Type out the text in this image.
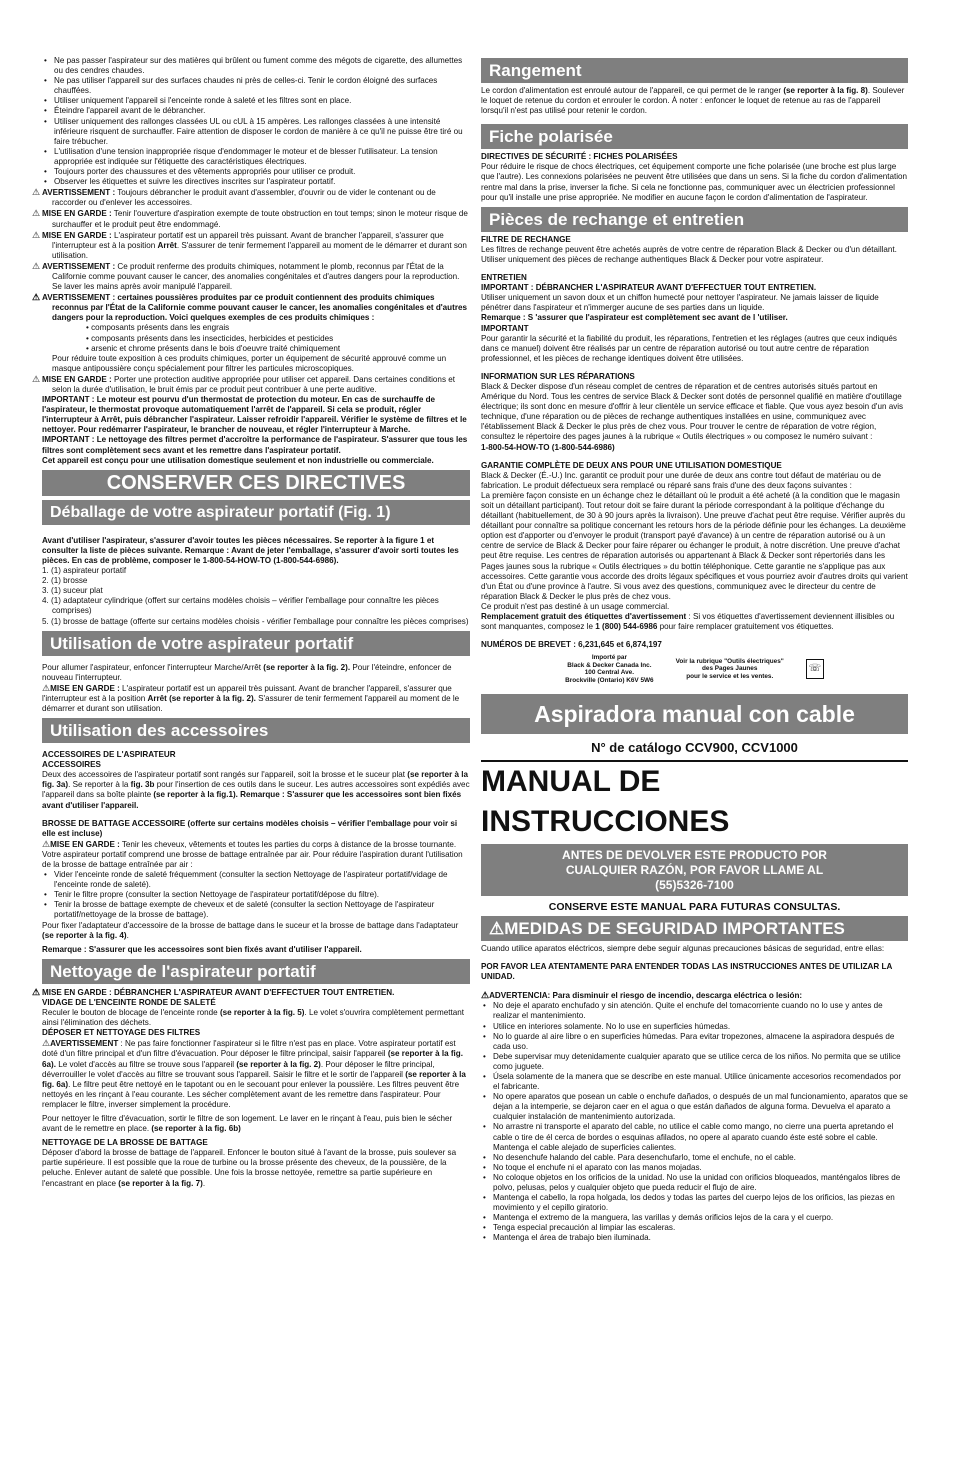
• Ne pas passer l'aspirateur sur des matières qui brûlent ou fument comme des mégots de cigarette, des allumettes ou des cendres chaudes.
• Ne pas utiliser l'appareil sur des surfaces chaudes ni près de celles-ci. Tenir le cordon éloigné des surfaces chauffées.
• Utiliser uniquement l'appareil si l'enceinte ronde à saleté et les filtres sont en place.
• Éteindre l'appareil avant de le débrancher.
• Utiliser uniquement des rallonges classées UL ou cUL à 15 ampères. Les rallonges classées à une intensité inférieure risquent de surchauffer. Faire attention de disposer le cordon de manière à ce qu'il ne puisse être tiré ou faire trébucher.
• L'utilisation d'une tension inappropriée risque d'endommager le moteur et de blesser l'utilisateur. La tension appropriée est indiquée sur l'étiquette des caractéristiques électriques.
• Toujours porter des chaussures et des vêtements appropriés pour utiliser ce produit.
• Observer les étiquettes et suivre les directives inscrites sur l'aspirateur portatif.

⚠ AVERTISSEMENT : Toujours débrancher le produit avant d'assembler, d'ouvrir ou de vider le contenant ou de raccorder ou d'enlever les accessoires.

⚠ MISE EN GARDE : Tenir l'ouverture d'aspiration exempte de toute obstruction en tout temps; sinon le moteur risque de surchauffer et le produit peut être endommagé.

⚠ MISE EN GARDE : L'aspirateur portatif est un appareil très puissant. Avant de brancher l'appareil, s'assurer que l'interrupteur est à la position Arrêt. S'assurer de tenir fermement l'appareil au moment de le démarrer et durant son utilisation.

⚠ AVERTISSEMENT : Ce produit renferme des produits chimiques, notamment le plomb, reconnus par l'État de la Californie comme pouvant causer le cancer, des anomalies congénitales et d'autres dangers pour la reproduction. Se laver les mains après avoir manipulé l'appareil.

⚠ AVERTISSEMENT : certaines poussières produites par ce produit contiennent des produits chimiques reconnus par l'État de la Californie comme pouvant causer le cancer, les anomalies congénitales et d'autres dangers pour la reproduction. Voici quelques exemples de ces produits chimiques :

• composants présents dans les engrais
• composants présents dans les insecticides, herbicides et pesticides
• arsenic et chrome présents dans le bois d'oeuvre traité chimiquement

Pour réduire toute exposition à ces produits chimiques, porter un équipement de sécurité approuvé comme un masque antipoussière conçu spécialement pour filtrer les particules microscopiques.

⚠ MISE EN GARDE : Porter une protection auditive appropriée pour utiliser cet appareil. Dans certaines conditions et selon la durée d'utilisation, le bruit émis par ce produit peut contribuer à une perte auditive.

IMPORTANT : Le moteur est pourvu d'un thermostat de protection du moteur. En cas de surchauffe de l'aspirateur, le thermostat provoque automatiquement l'arrêt de l'appareil. Si cela se produit, régler l'interrupteur à Arrêt, puis débrancher l'aspirateur. Laisser refroidir l'appareil. Vérifier le système de filtres et le nettoyer. Pour redémarrer l'aspirateur, le brancher de nouveau, et régler l'interrupteur à Marche.

IMPORTANT : Le nettoyage des filtres permet d'accroître la performance de l'aspirateur. S'assurer que tous les filtres sont complètement secs avant et les remettre dans l'aspirateur portatif.

Cet appareil est conçu pour une utilisation domestique seulement et non industrielle ou commerciale.

CONSERVER CES DIRECTIVES
Déballage de votre aspirateur portatif (Fig. 1)

Avant d'utiliser l'aspirateur, s'assurer d'avoir toutes les pièces nécessaires. Se reporter à la figure 1 et consulter la liste de pièces suivante. Remarque : Avant de jeter l'emballage, s'assurer d'avoir sorti toutes les pièces. En cas de problème, composer le 1-800-54-HOW-TO (1-800-544-6986).

1. (1) aspirateur portatif
2. (1) brosse
3. (1) suceur plat
4. (1) adaptateur cylindrique (offert sur certains modèles choisis – vérifier l'emballage pour connaître les pièces comprises)
5. (1) brosse de battage (offerte sur certains modèles choisis - vérifier l'emballage pour connaître les pièces comprises)
Utilisation de votre aspirateur portatif

Pour allumer l'aspirateur, enfoncer l'interrupteur Marche/Arrêt (se reporter à la fig. 2). Pour l'éteindre, enfoncer de nouveau l'interrupteur.

⚠MISE EN GARDE : L'aspirateur portatif est un appareil très puissant. Avant de brancher l'appareil, s'assurer que l'interrupteur est à la position Arrêt (se reporter à la fig. 2). S'assurer de tenir fermement l'appareil au moment de le démarrer et durant son utilisation.

Utilisation des accessoires

ACCESSOIRES DE L'ASPIRATEUR

ACCESSOIRES

Deux des accessoires de l'aspirateur portatif sont rangés sur l'appareil, soit la brosse et le suceur plat (se reporter à la fig. 3a). Se reporter à la fig. 3b pour l'insertion de ces outils dans le suceur. Les autres accessoires sont expédiés avec l'appareil dans sa boîte plainte (se reporter à la fig.1). Remarque : S'assurer que les accessoires sont bien fixés avant d'utiliser l'appareil.

BROSSE DE BATTAGE ACCESSOIRE (offerte sur certains modèles choisis – vérifier l'emballage pour voir si elle est incluse)

⚠MISE EN GARDE : Tenir les cheveux, vêtements et toutes les parties du corps à distance de la brosse tournante.

Votre aspirateur portatif comprend une brosse de battage entraînée par air. Pour réduire l'aspiration durant l'utilisation de la brosse de battage entraînée par air :

• Vider l'enceinte ronde de saleté fréquemment (consulter la section Nettoyage de l'aspirateur portatif/vidage de l'enceinte ronde de saleté).
• Tenir le filtre propre (consulter la section Nettoyage de l'aspirateur portatif/dépose du filtre).
• Tenir la brosse de battage exempte de cheveux et de saleté (consulter la section Nettoyage de l'aspirateur portatif/nettoyage de la brosse de battage).

Pour fixer l'adaptateur d'accessoire de la brosse de battage dans le suceur et la brosse de battage dans l'adaptateur (se reporter à la fig. 4).

Remarque : S'assurer que les accessoires sont bien fixés avant d'utiliser l'appareil.

Nettoyage de l'aspirateur portatif

⚠ MISE EN GARDE : DÉBRANCHER L'ASPIRATEUR AVANT D'EFFECTUER TOUT ENTRETIEN.

VIDAGE DE L'ENCEINTE RONDE DE SALETÉ

Reculer le bouton de blocage de l'enceinte ronde (se reporter à la fig. 5). Le volet s'ouvrira complètement permettant ainsi l'élimination des déchets.

DÉPOSER ET NETTOYAGE DES FILTRES

⚠AVERTISSEMENT : Ne pas faire fonctionner l'aspirateur si le filtre n'est pas en place. Votre aspirateur portatif est doté d'un filtre principal et d'un filtre d'évacuation. Pour déposer le filtre principal, saisir l'appareil (se reporter à la fig. 6a). Le volet d'accès au filtre se trouve sous l'appareil (se reporter à la fig. 2). Pour déposer le filtre principal, déverrouiller le volet d'accès au filtre se trouvant sous l'appareil. Saisir le filtre et le sortir de l'appareil (se reporter à la fig. 6a). Le filtre peut être nettoyé en le tapotant ou en le secouant pour enlever la poussière. Les filtres peuvent être nettoyés en les rinçant à l'eau courante. Les sécher complètement avant de les remettre dans l'aspirateur. Pour remplacer le filtre, inverser simplement la procédure.

Pour nettoyer le filtre d'évacuation, sortir le filtre de son logement. Le laver en le rinçant à l'eau, puis bien le sécher avant de le remettre en place. (se reporter à la fig. 6b)

NETTOYAGE DE LA BROSSE DE BATTAGE

Déposer d'abord la brosse de battage de l'appareil. Enfoncer le bouton situé à l'avant de la brosse, puis soulever sa partie supérieure. Il est possible que la roue de turbine ou la brosse présente des cheveux, de la poussière, de la peluche. Enlever autant de saleté que possible. Une fois la brosse nettoyée, remettre sa partie supérieure en l'encastrant en place (se reporter à la fig. 7).

Rangement

Le cordon d'alimentation est enroulé autour de l'appareil, ce qui permet de le ranger (se reporter à la fig. 8). Soulever le loquet de retenue du cordon et enrouler le cordon. À noter : enfoncer le loquet de retenue au ras de l'appareil lorsqu'il n'est pas utilisé pour retenir le cordon.

Fiche polarisée

DIRECTIVES DE SÉCURITÉ : FICHES POLARISÉES

Pour réduire le risque de chocs électriques, cet équipement comporte une fiche polarisée (une broche est plus large que l'autre). Les connexions polarisées ne peuvent être utilisées que dans un sens. Si la fiche du cordon d'alimentation rentre mal dans la prise, inverser la fiche. Si cela ne fonctionne pas, communiquer avec un électricien professionnel pour qu'il installe une prise appropriée. Ne modifier en aucune façon le cordon d'alimentation de l'aspirateur.

Pièces de rechange et entretien

FILTRE DE RECHANGE

Les filtres de rechange peuvent être achetés auprès de votre centre de réparation Black & Decker ou d'un détaillant. Utiliser uniquement des pièces de rechange authentiques Black & Decker pour votre aspirateur.

ENTRETIEN

IMPORTANT : DÉBRANCHER L'ASPIRATEUR AVANT D'EFFECTUER TOUT ENTRETIEN.

Utiliser uniquement un savon doux et un chiffon humecté pour nettoyer l'aspirateur. Ne jamais laisser de liquide pénétrer dans l'aspirateur et n'immerger aucune de ses parties dans un liquide.

Remarque : S 'assurer que l'aspirateur est complètement sec avant de l 'utiliser.

IMPORTANT

Pour garantir la sécurité et la fiabilité du produit, les réparations, l'entretien et les réglages (autres que ceux indiqués dans ce manuel) doivent être réalisés par un centre de réparation autorisé ou tout autre centre de réparation professionnel, et les pièces de rechange identiques doivent être utilisées.

INFORMATION SUR LES RÉPARATIONS

Black & Decker dispose d'un réseau complet de centres de réparation et de centres autorisés situés partout en Amérique du Nord. Tous les centres de service Black & Decker sont dotés de personnel qualifié en matière d'outillage électrique; ils sont donc en mesure d'offrir à leur clientèle un service efficace et fiable. Que vous ayez besoin d'un avis technique, d'une réparation ou de pièces de rechange authentiques installées en usine, communiquez avec l'établissement Black & Decker le plus près de chez vous. Pour trouver le centre de réparation de votre région, consultez le répertoire des pages jaunes à la rubrique « Outils électriques » ou composez le numéro suivant :

1-800-54-HOW-TO (1-800-544-6986)

GARANTIE COMPLÈTE DE DEUX ANS POUR UNE UTILISATION DOMESTIQUE

Black & Decker (É.-U.) Inc. garantit ce produit pour une durée de deux ans contre tout défaut de matériau ou de fabrication. Le produit défectueux sera remplacé ou réparé sans frais d'une des deux façons suivantes :

La première façon consiste en un échange chez le détaillant où le produit a été acheté (à la condition que le magasin soit un détaillant participant). Tout retour doit se faire durant la période correspondant à la politique d'échange du détaillant (habituellement, de 30 à 90 jours après la livraison). Une preuve d'achat peut être requise. Vérifier auprès du détaillant pour connaître sa politique concernant les retours hors de la période définie pour les échanges. La deuxième option est d'apporter ou d'envoyer le produit (transport payé d'avance) à un centre de réparation autorisé ou à un centre de service de Black & Decker pour faire réparer ou échanger le produit, à notre discrétion. Une preuve d'achat peut être requise. Les centres de réparation autorisés ou appartenant à Black & Decker sont répertoriés dans les Pages jaunes sous la rubrique « Outils électriques » du bottin téléphonique. Cette garantie ne s'applique pas aux accessoires. Cette garantie vous accorde des droits légaux spécifiques et vous pourriez avoir d'autres droits qui varient d'un État ou d'une province à l'autre. Si vous avez des questions, communiquez avec le directeur du centre de réparation Black & Decker le plus près de chez vous.

Ce produit n'est pas destiné à un usage commercial.

Remplacement gratuit des étiquettes d'avertissement : Si vos étiquettes d'avertissement deviennent illisibles ou sont manquantes, composez le 1 (800) 544-6986 pour faire remplacer gratuitement vos étiquettes.

NUMÉROS DE BREVET : 6,231,645 et 6,874,197

Importé par
Black & Decker Canada Inc.
100 Central Ave.
Brockville (Ontario) K6V 5W6
Voir la rubrique "Outils électriques"
des Pages Jaunes
pour le service et les ventes.
☏
Aspiradora manual con cable
N° de catálogo CCV900, CCV1000
MANUAL DE INSTRUCCIONES
ANTES DE DEVOLVER ESTE PRODUCTO POR
CUALQUIER RAZÓN, POR FAVOR LLAME AL
(55)5326-7100
CONSERVE ESTE MANUAL PARA FUTURAS CONSULTAS.
⚠MEDIDAS DE SEGURIDAD IMPORTANTES

Cuando utilice aparatos eléctricos, siempre debe seguir algunas precauciones básicas de seguridad, entre ellas:

POR FAVOR LEA ATENTAMENTE PARA ENTENDER TODAS LAS INSTRUCCIONES ANTES DE UTILIZAR LA UNIDAD.

⚠ADVERTENCIA: Para disminuir el riesgo de incendio, descarga eléctrica o lesión:

• No deje el aparato enchufado y sin atención. Quite el enchufe del tomacorriente cuando no lo use y antes de realizar el mantenimiento.
• Utilice en interiores solamente. No lo use en superficies húmedas.
• No lo guarde al aire libre o en superficies húmedas. Para evitar tropezones, almacene la aspiradora después de cada uso.
• Debe supervisar muy detenidamente cualquier aparato que se utilice cerca de los niños. No permita que se utilice como juguete.
• Úsela solamente de la manera que se describe en este manual. Utilice únicamente accesorios recomendados por el fabricante.
• No opere aparatos que posean un cable o enchufe dañados, o después de un mal funcionamiento, aparatos que se dejan a la intemperie, se dejaron caer en el agua o que están dañados de alguna forma. Devuelva el aparato a cualquier instalación de mantenimiento autorizada.
• No arrastre ni transporte el aparato del cable, no utilice el cable como mango, no cierre una puerta apretando el cable o tire de él cerca de bordes o esquinas afilados, no opere al aparato cuando éste esté sobre el cable. Mantenga el cable alejado de superficies calientes.
• No desenchufe halando del cable. Para desenchufarlo, tome el enchufe, no el cable.
• No toque el enchufe ni el aparato con las manos mojadas.
• No coloque objetos en los orificios de la unidad. No use la unidad con orificios bloqueados, manténgalos libres de polvo, pelusas, pelos y cualquier objeto que pueda reducir el flujo de aire.
• Mantenga el cabello, la ropa holgada, los dedos y todas las partes del cuerpo lejos de los orificios, las piezas en movimiento y el cepillo giratorio.
• Mantenga el extremo de la manguera, las varillas y demás orificios lejos de la cara y el cuerpo.
• Tenga especial precaución al limpiar las escaleras.
• Mantenga el área de trabajo bien iluminada.
